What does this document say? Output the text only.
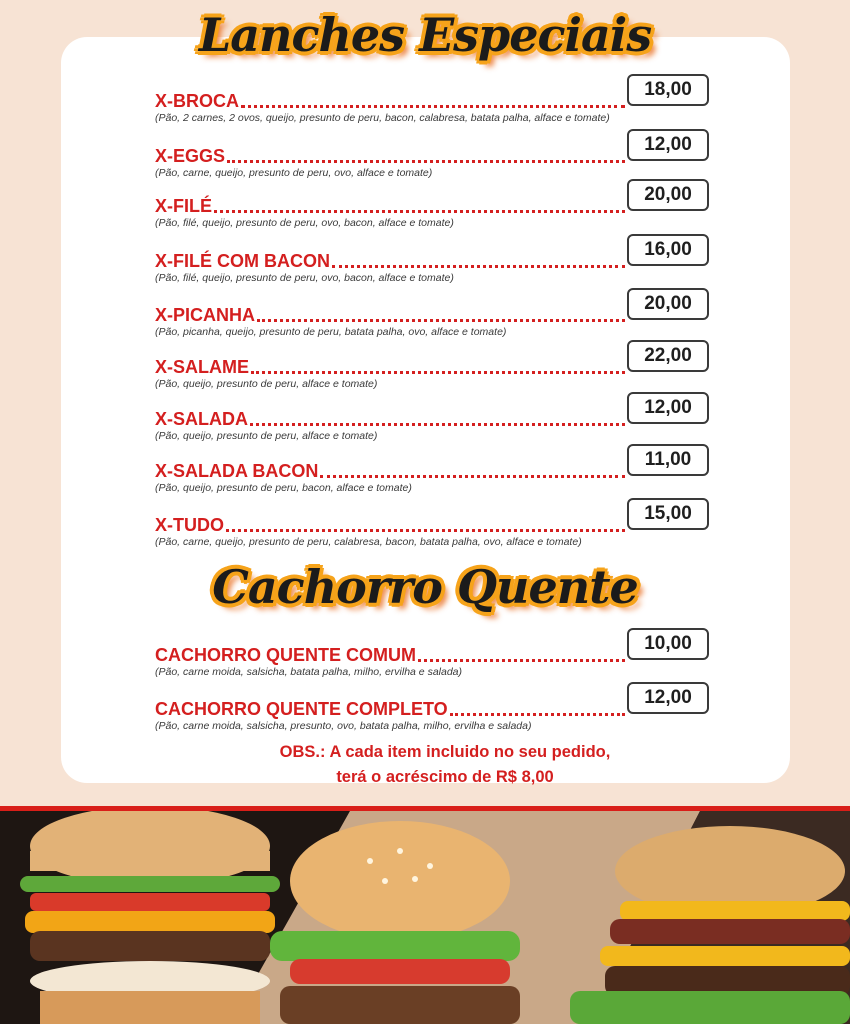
Lanches Especiais
X-BROCA
18,00
(Pão, 2 carnes, 2 ovos, queijo, presunto de peru, bacon, calabresa, batata palha, alface e tomate)
X-EGGS
12,00
(Pão, carne, queijo, presunto de peru, ovo, alface e tomate)
X-FILÉ
20,00
(Pão, filé, queijo, presunto de peru, ovo, bacon, alface e tomate)
X-FILÉ COM BACON
16,00
(Pão, filé, queijo, presunto de peru, ovo, bacon, alface e tomate)
X-PICANHA
20,00
(Pão, picanha, queijo, presunto de peru, batata palha, ovo, alface e tomate)
X-SALAME
22,00
(Pão, queijo, presunto de peru, alface e tomate)
X-SALADA
12,00
(Pão, queijo, presunto de peru, alface e tomate)
X-SALADA BACON
11,00
(Pão, queijo, presunto de peru, bacon, alface e tomate)
X-TUDO
15,00
(Pão, carne, queijo, presunto de peru, calabresa, bacon, batata palha, ovo, alface e tomate)
Cachorro Quente
CACHORRO QUENTE COMUM
10,00
(Pão, carne moida, salsicha, batata palha, milho, ervilha e salada)
CACHORRO QUENTE COMPLETO
12,00
(Pão, carne moida, salsicha, presunto, ovo, batata palha, milho, ervilha e salada)
OBS.: A cada item incluido no seu pedido,
terá o acréscimo de R$ 8,00
